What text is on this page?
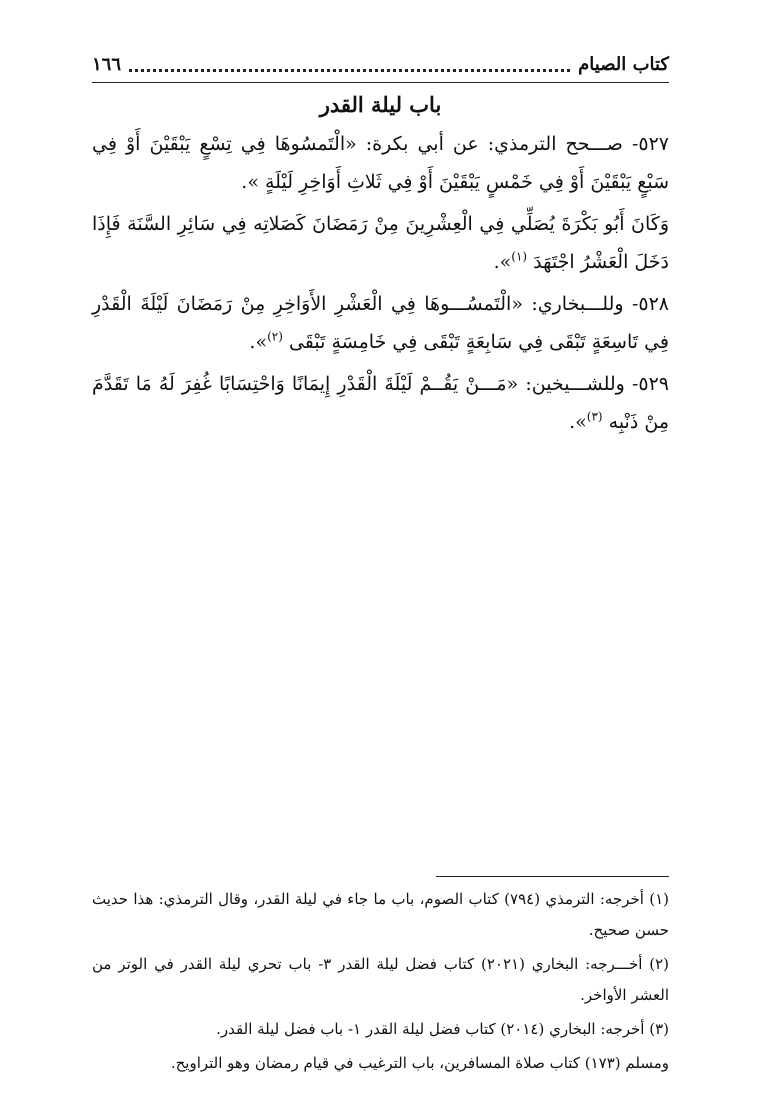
كتاب الصيام
١٦٦
باب ليلة القدر

٥٢٧- صـــحح الترمذي: عن أبي بكرة: «الْتَمسُوهَا فِي تِسْعٍ يَبْقَيْنَ أَوْ فِي سَبْعٍ يَبْقَيْنَ أَوْ فِي خَمْسٍ يَبْقَيْنَ أَوْ فِي ثَلاثِ أَوَاخِرِ لَيْلَةٍ ».

وَكَانَ أَبُو بَكْرَةَ يُصَلِّي فِي الْعِشْرِينَ مِنْ رَمَضَانَ كَصَلاتِه فِي سَائِرِ السَّنَة فَإِذَا دَخَلَ الْعَشْرُ اجْتَهَدَ $^{(١)}$».

٥٢٨- وللـــبخاري: «الْتَمسُـــوهَا فِي الْعَشْرِ الأَوَاخِرِ مِنْ رَمَضَانَ لَيْلَةَ الْقَدْرِ فِي تَاسِعَةٍ تَبْقَى فِي سَابِعَةٍ تَبْقَى فِي خَامِسَةٍ تَبْقَى $^{(٢)}$».

٥٢٩- وللشـــيخين: «مَـــنْ يَقُــمْ لَيْلَةَ الْقَدْرِ إِيمَانًا وَاحْتِسَابًا غُفِرَ لَهُ مَا تَقَدَّمَ مِنْ ذَنْبِه $^{(٣)}$».

(١) أخرجه: الترمذي (٧٩٤) كتاب الصوم، باب ما جاء في ليلة القدر، وقال الترمذي: هذا حديث حسن صحيح.

(٢) أخـــرجه: البخاري (٢٠٢١) كتاب فضل ليلة القدر ٣- باب تحري ليلة القدر في الوتر من العشر الأواخر.

(٣) أخرجه: البخاري (٢٠١٤) كتاب فضل ليلة القدر ١- باب فضل ليلة القدر.

ومسلم (١٧٣) كتاب صلاة المسافرين، باب الترغيب في قيام رمضان وهو التراويح.
